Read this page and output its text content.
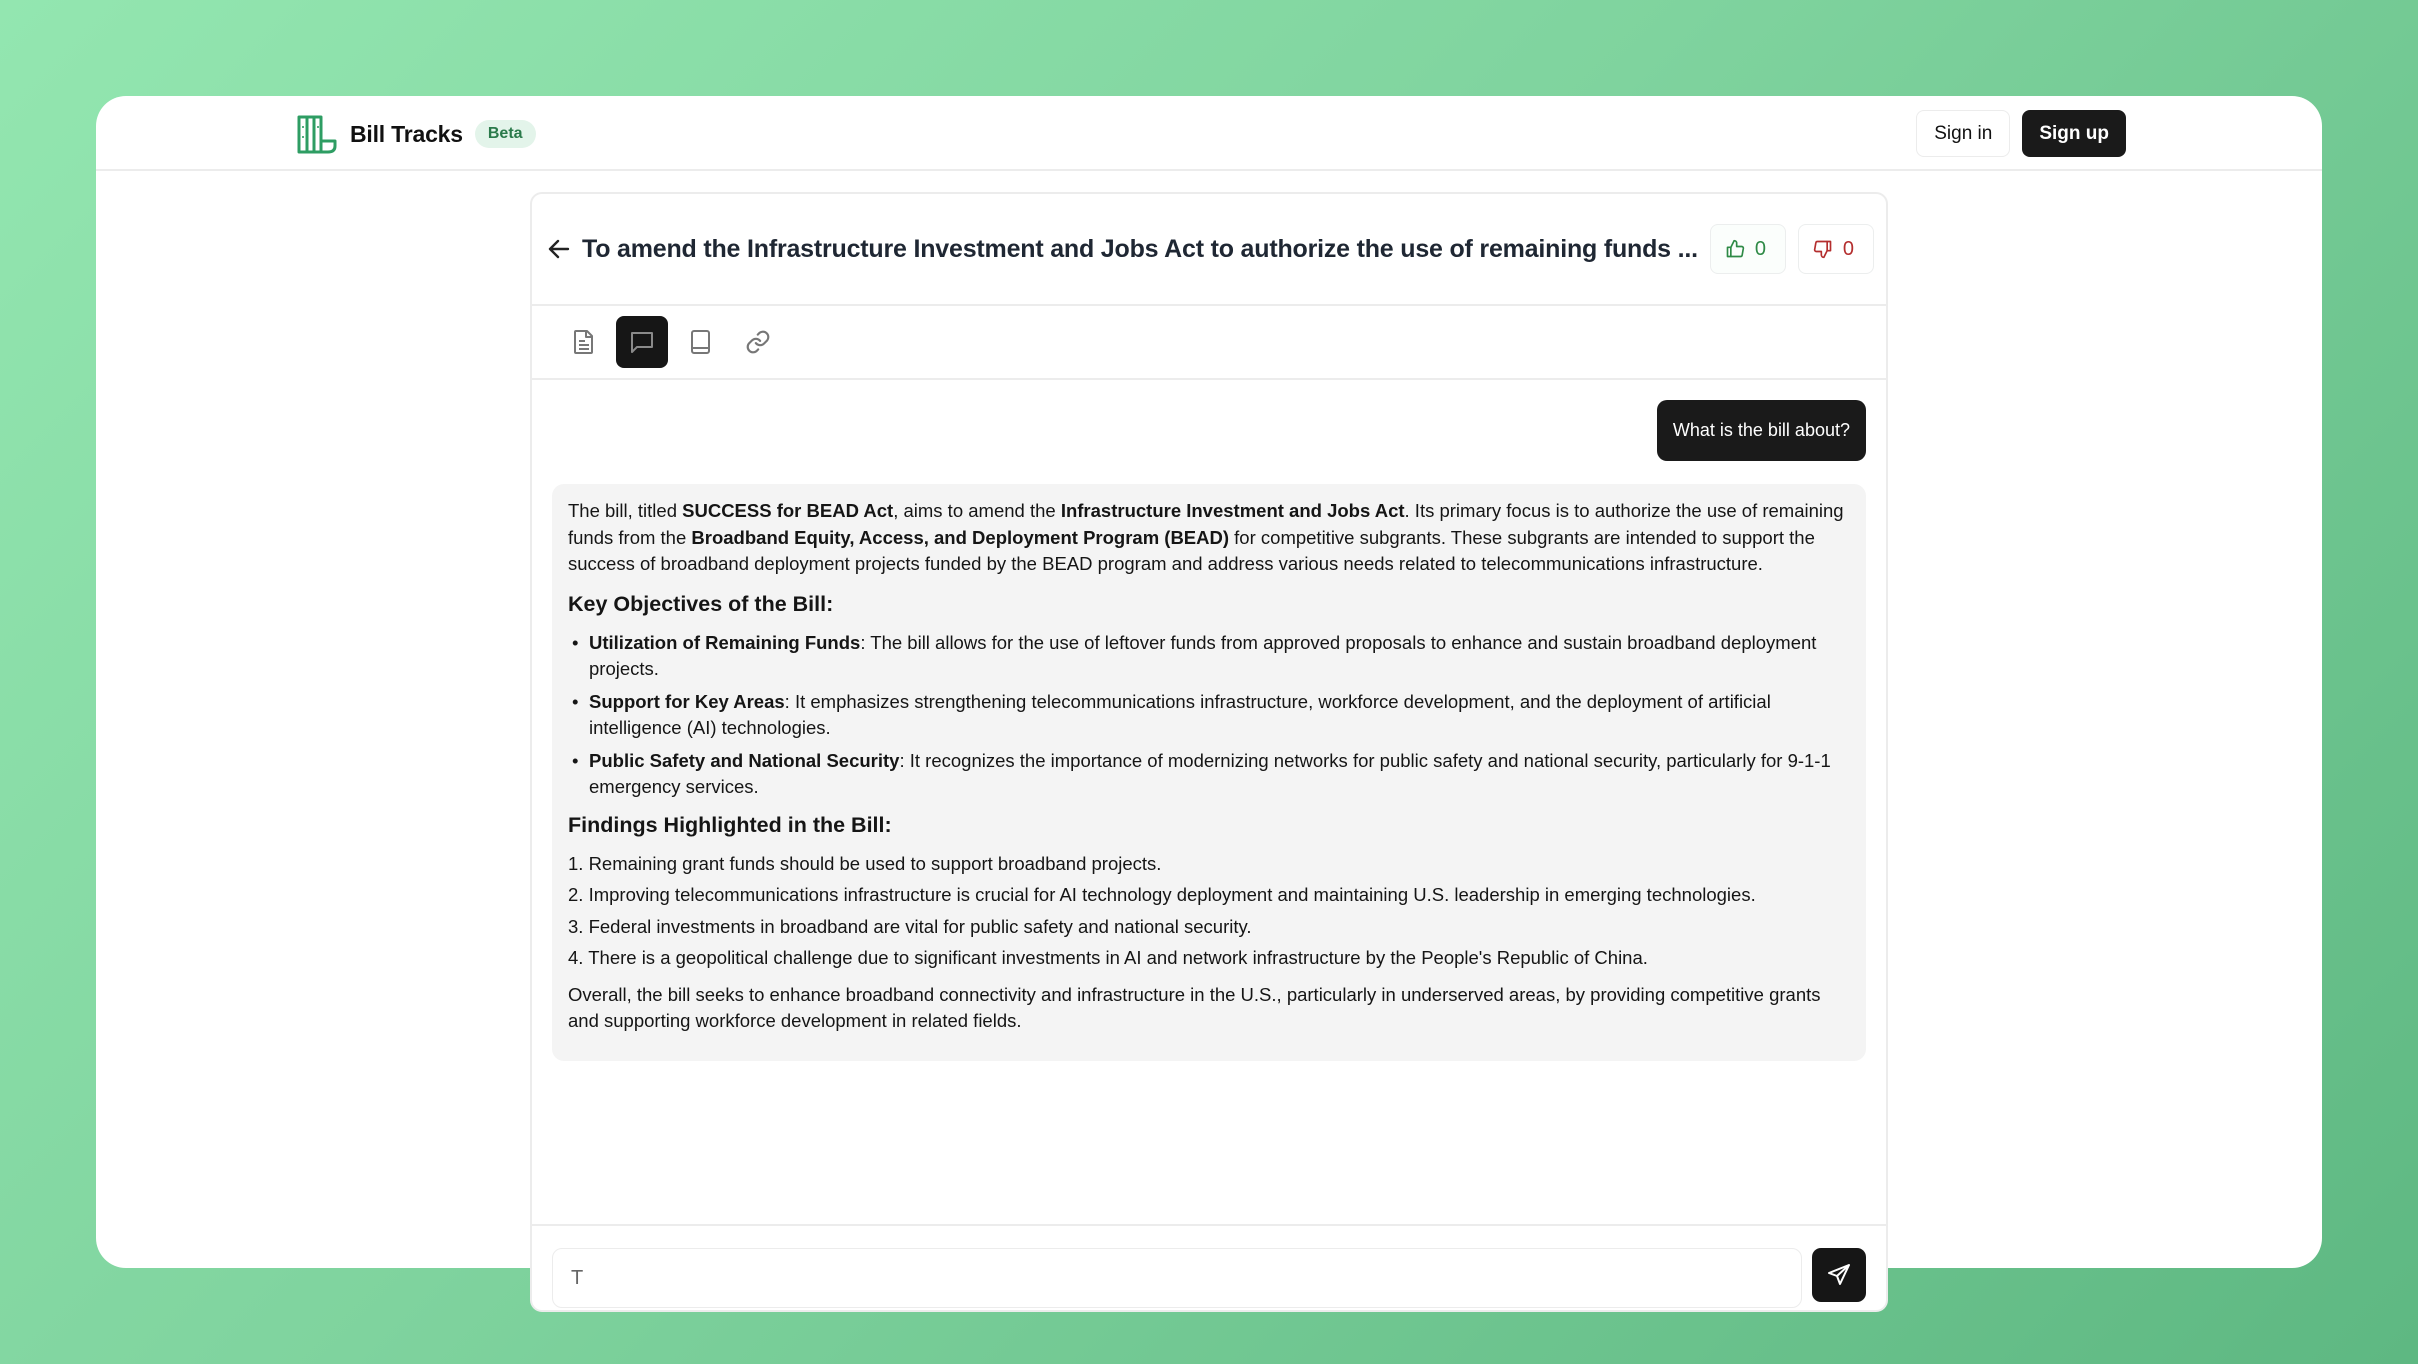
Bill Tracks	Beta	Sign in	Sign up
To amend the Infrastructure Investment and Jobs Act to authorize the use of remaining funds ...	0	0
What is the bill about?

The bill, titled SUCCESS for BEAD Act, aims to amend the Infrastructure Investment and Jobs Act. Its primary focus is to authorize the use of remaining funds from the Broadband Equity, Access, and Deployment Program (BEAD) for competitive subgrants. These subgrants are intended to support the success of broadband deployment projects funded by the BEAD program and address various needs related to telecommunications infrastructure.

Key Objectives of the Bill:
• Utilization of Remaining Funds: The bill allows for the use of leftover funds from approved proposals to enhance and sustain broadband deployment projects.
• Support for Key Areas: It emphasizes strengthening telecommunications infrastructure, workforce development, and the deployment of artificial intelligence (AI) technologies.
• Public Safety and National Security: It recognizes the importance of modernizing networks for public safety and national security, particularly for 9-1-1 emergency services.
Findings Highlighted in the Bill:
1. Remaining grant funds should be used to support broadband projects.
2. Improving telecommunications infrastructure is crucial for AI technology deployment and maintaining U.S. leadership in emerging technologies.
3. Federal investments in broadband are vital for public safety and national security.
4. There is a geopolitical challenge due to significant investments in AI and network infrastructure by the People's Republic of China.

Overall, the bill seeks to enhance broadband connectivity and infrastructure in the U.S., particularly in underserved areas, by providing competitive grants and supporting workforce development in related fields.

T
